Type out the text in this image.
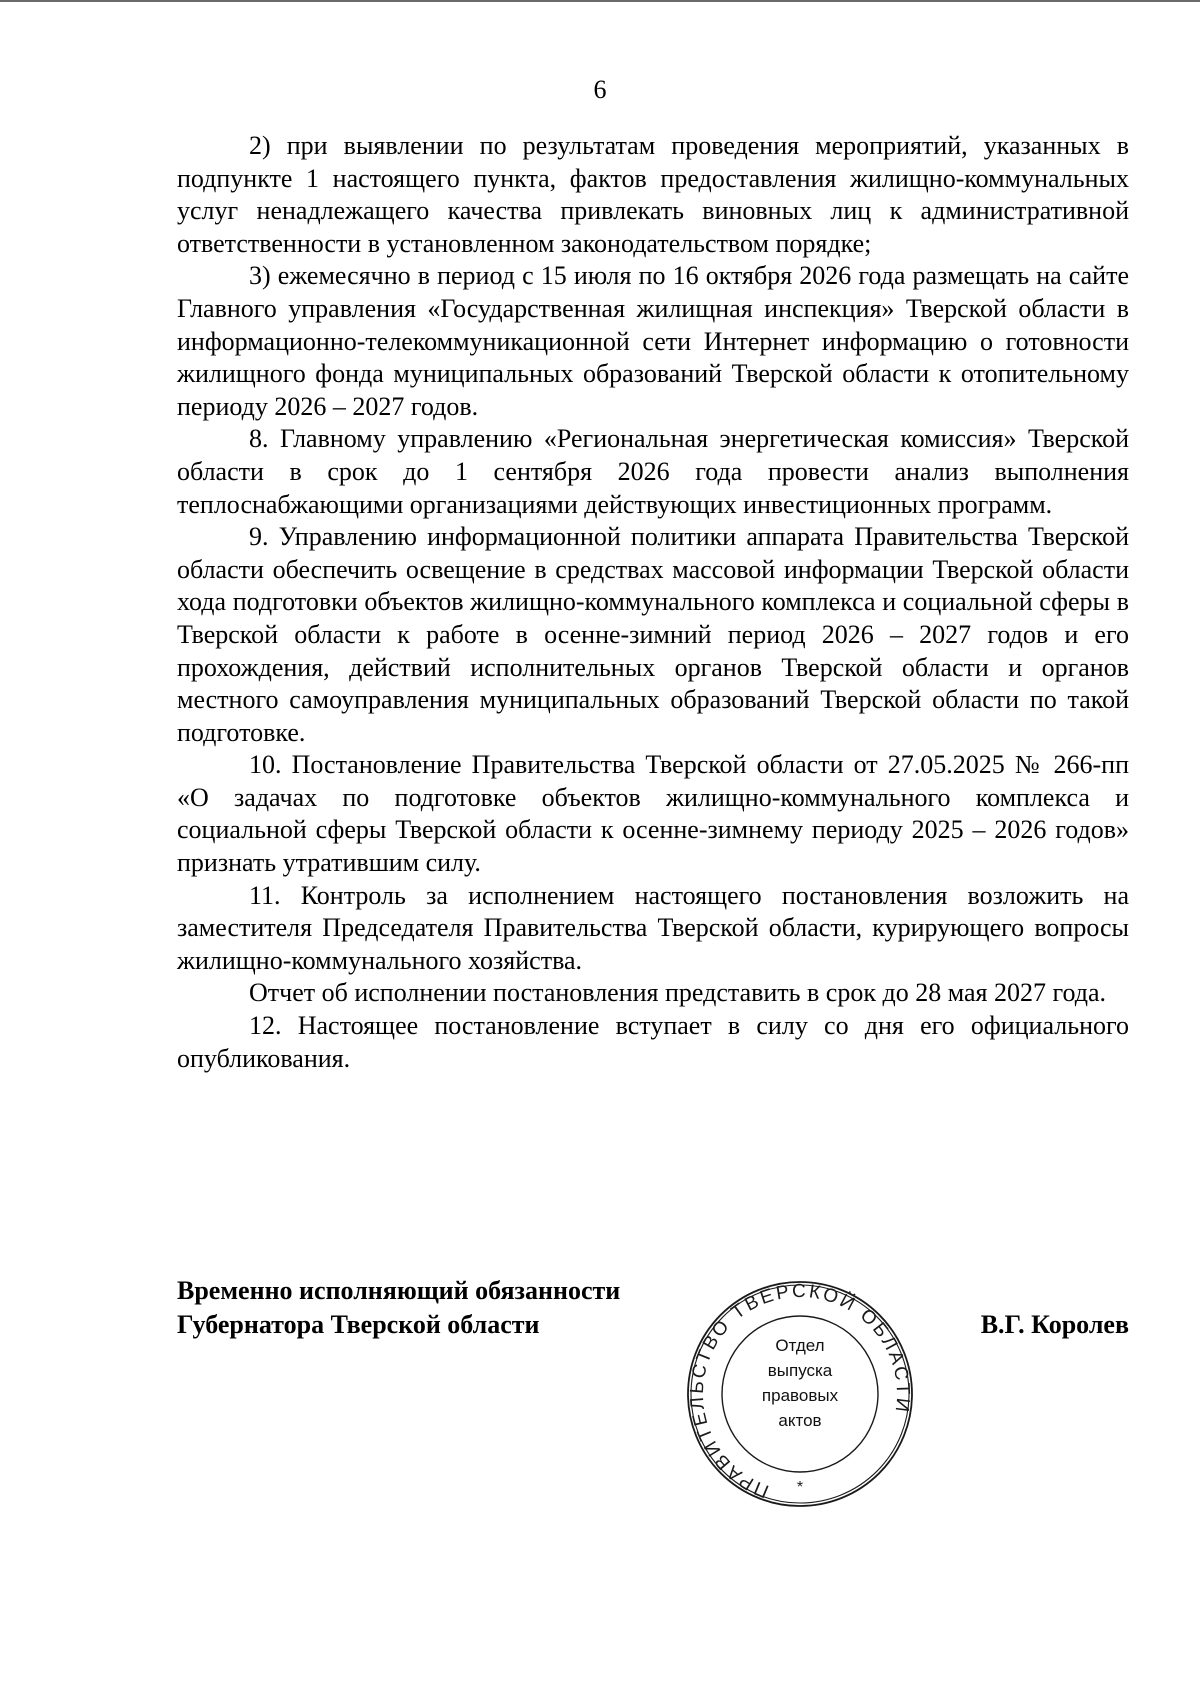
6

2) при выявлении по результатам проведения мероприятий, указанных в подпункте 1 настоящего пункта, фактов предоставления жилищно-коммунальных услуг ненадлежащего качества привлекать виновных лиц к административной ответственности в установленном законодательством порядке;

3) ежемесячно в период с 15 июля по 16 октября 2026 года размещать на сайте Главного управления «Государственная жилищная инспекция» Тверской области в информационно-телекоммуникационной сети Интернет информацию о готовности жилищного фонда муниципальных образований Тверской области к отопительному периоду 2026 – 2027 годов.

8. Главному управлению «Региональная энергетическая комиссия» Тверской области в срок до 1 сентября 2026 года провести анализ выполнения теплоснабжающими организациями действующих инвестиционных программ.

9. Управлению информационной политики аппарата Правительства Тверской области обеспечить освещение в средствах массовой информации Тверской области хода подготовки объектов жилищно-коммунального комплекса и социальной сферы в Тверской области к работе в осенне-зимний период 2026 – 2027 годов и его прохождения, действий исполнительных органов Тверской области и органов местного самоуправления муниципальных образований Тверской области по такой подготовке.

10. Постановление Правительства Тверской области от 27.05.2025 № 266-пп «О задачах по подготовке объектов жилищно-коммунального комплекса и социальной сферы Тверской области к осенне-зимнему периоду 2025 – 2026 годов» признать утратившим силу.

11. Контроль за исполнением настоящего постановления возложить на заместителя Председателя Правительства Тверской области, курирующего вопросы жилищно-коммунального хозяйства.

Отчет об исполнении постановления представить в срок до 28 мая 2027 года.

12. Настоящее постановление вступает в силу со дня его официального опубликования.

Временно исполняющий обязанности
Губернатора Тверской области	В.Г. Королев
ПРАВИТЕЛЬСТВО ТВЕРСКОЙ ОБЛАСТИ
*
Отдел
выпуска
правовых
актов
